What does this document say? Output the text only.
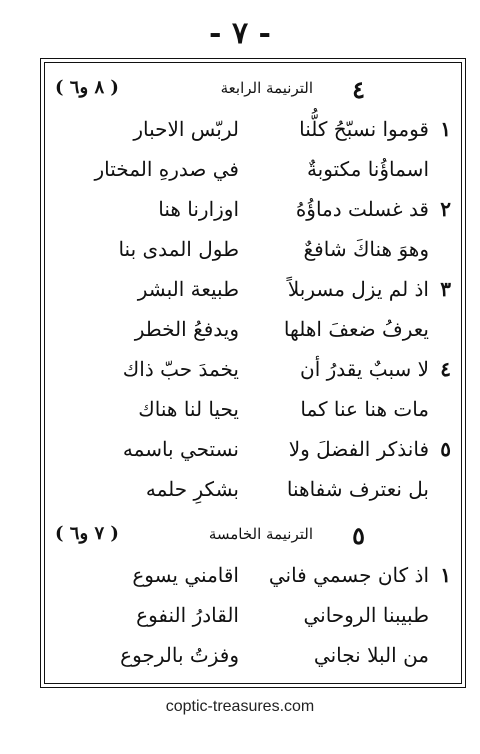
- ٧ -
٤
الترنيمة الرابعة
( ٨ و٦ )
١
قوموا نسبّحُ كلُّنا
لربّس الاحبار
اسماؤُنا مكتوبةٌ
في صدرهِ المختار
٢
قد غسلت دماؤُهُ
اوزارنا هنا
وهوَ هناكَ شافعٌ
طول المدى بنا
٣
اذ لم يزل مسربلاً
طبيعة البشر
يعرفُ ضعفَ اهلها
ويدفعُ الخطر
٤
لا سببٌ يقدرُ أن
يخمدَ حبّ ذاك
مات هنا عنا كما
يحيا لنا هناك
٥
فانذكر الفضلَ ولا
نستحي باسمه
بل نعترف شفاهنا
بشكرِ حلمه
٥
الترنيمة الخامسة
( ٧ و٦ )
١
اذ كان جسمي فاني
اقامني يسوع
طبيبنا الروحاني
القادرُ النفوع
من البلا نجاني
وفزتُ بالرجوع
coptic-treasures.com
